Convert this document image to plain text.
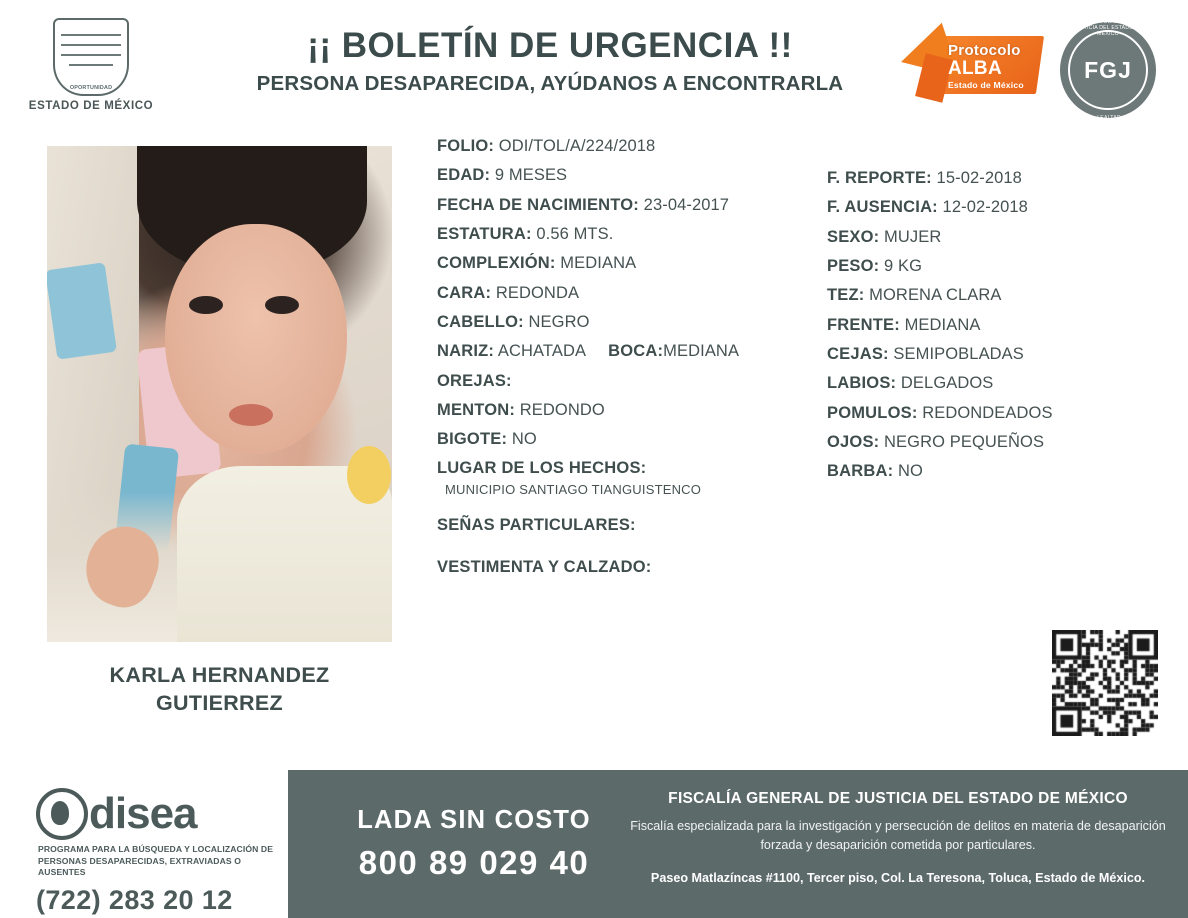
OPORTUNIDAD
ESTADO DE MÉXICO
¡¡ BOLETÍN DE URGENCIA !!
PERSONA DESAPARECIDA, AYÚDANOS A ENCONTRARLA
Protocolo
ALBA
Estado de México
FISCALÍA GENERAL DE JUSTICIA DEL ESTADO DE MÉXICO
FGJ
HONOR · LEALTAD · VALOR
KARLA HERNANDEZ GUTIERREZ
FOLIO: ODI/TOL/A/224/2018
EDAD: 9 MESES
FECHA DE NACIMIENTO: 23-04-2017
ESTATURA: 0.56 MTS.
COMPLEXIÓN: MEDIANA
CARA: REDONDA
CABELLO: NEGRO
NARIZ: ACHATADA BOCA:MEDIANA
OREJAS:
MENTON: REDONDO
BIGOTE: NO
LUGAR DE LOS HECHOS:
MUNICIPIO SANTIAGO TIANGUISTENCO
SEÑAS PARTICULARES:
VESTIMENTA Y CALZADO:
F. REPORTE: 15-02-2018
F. AUSENCIA: 12-02-2018
SEXO: MUJER
PESO: 9 KG
TEZ: MORENA CLARA
FRENTE: MEDIANA
CEJAS: SEMIPOBLADAS
LABIOS: DELGADOS
POMULOS: REDONDEADOS
OJOS: NEGRO PEQUEÑOS
BARBA: NO
disea
PROGRAMA PARA LA BÚSQUEDA Y LOCALIZACIÓN DE PERSONAS DESAPARECIDAS, EXTRAVIADAS O AUSENTES
(722) 283 20 12
LADA SIN COSTO
800 89 029 40
FISCALÍA GENERAL DE JUSTICIA DEL ESTADO DE MÉXICO
Fiscalía especializada para la investigación y persecución de delitos en materia de desaparición forzada y desaparición cometida por particulares.
Paseo Matlazíncas #1100, Tercer piso, Col. La Teresona, Toluca, Estado de México.
